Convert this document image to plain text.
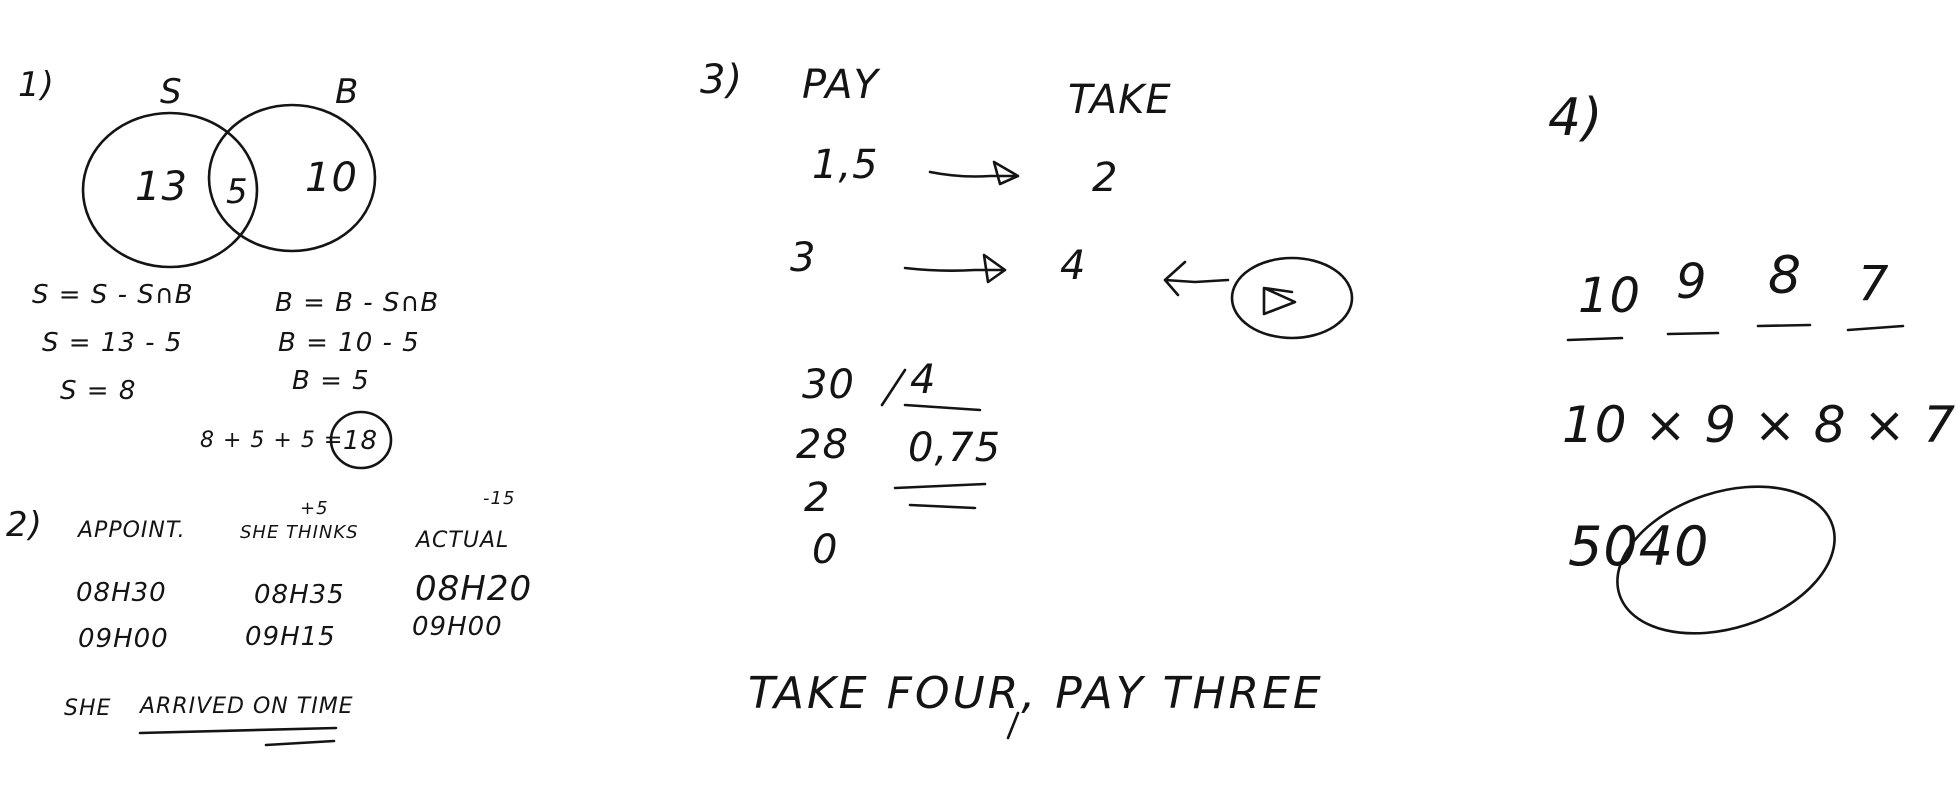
1)	S	B
13 5 10
S = S - S∩B
S = 13 - 5
S = 8
B = B - S∩B
B = 10 - 5
B = 5
8 + 5 + 5 = 18
2) APPOINT.
+5
SHE THINKS
-15
ACTUAL
08H30	08H35 08H20
09H00	09H15	09H00
SHE ARRIVED ON TIME
3) PAY	TAKE
1,5	2
3	4
30 4
28 0,75
2
0
TAKE FOUR, PAY THREE
4)
10 9 8 7
10 × 9 × 8 × 7
5040
